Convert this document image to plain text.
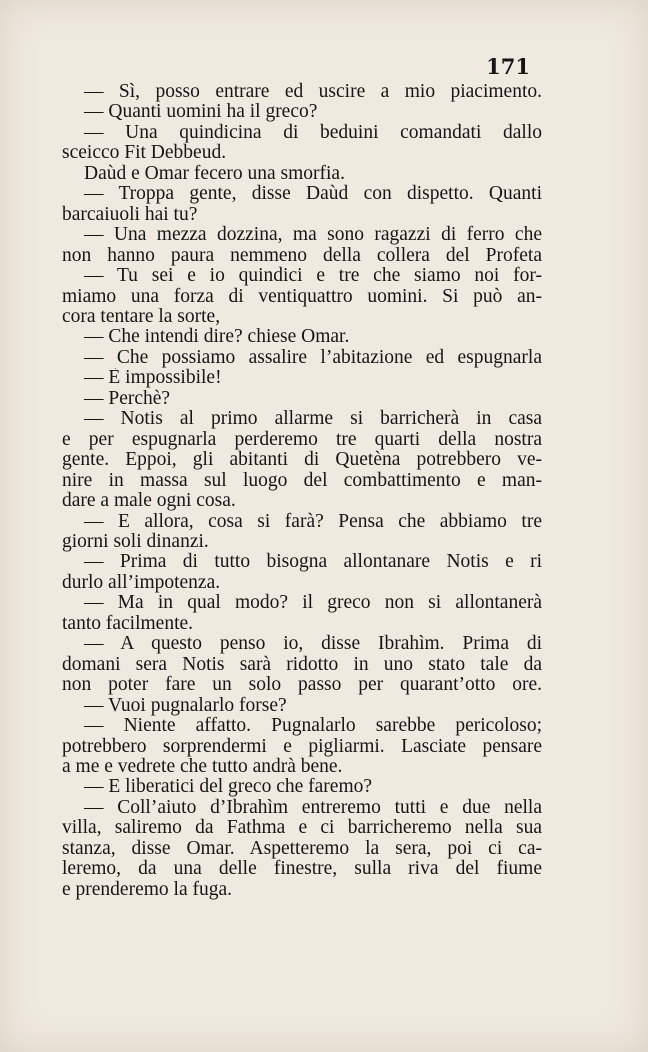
171
— Sì, posso entrare ed uscire a mio piacimento.
— Quanti uomini ha il greco?
— Una quindicina di beduini comandati dallo
sceicco Fit Debbeud.
Daùd e Omar fecero una smorfia.
— Troppa gente, disse Daùd con dispetto. Quanti
barcaiuoli hai tu?
— Una mezza dozzina, ma sono ragazzi di ferro che
non hanno paura nemmeno della collera del Profeta
— Tu sei e io quindici e tre che siamo noi for-
miamo una forza di ventiquattro uomini. Si può an-
cora tentare la sorte,
— Che intendi dire? chiese Omar.
— Che possiamo assalire l’abitazione ed espugnarla
— È impossibile!
— Perchè?
— Notis al primo allarme si barricherà in casa
e per espugnarla perderemo tre quarti della nostra
gente. Eppoi, gli abitanti di Quetèna potrebbero ve-
nire in massa sul luogo del combattimento e man-
dare a male ogni cosa.
— E allora, cosa si farà? Pensa che abbiamo tre
giorni soli dinanzi.
— Prima di tutto bisogna allontanare Notis e ri
durlo all’impotenza.
— Ma in qual modo? il greco non si allontanerà
tanto facilmente.
— A questo penso io, disse Ibrahìm. Prima di
domani sera Notis sarà ridotto in uno stato tale da
non poter fare un solo passo per quarant’otto ore.
— Vuoi pugnalarlo forse?
— Niente affatto. Pugnalarlo sarebbe pericoloso;
potrebbero sorprendermi e pigliarmi. Lasciate pensare
a me e vedrete che tutto andrà bene.
— E liberatici del greco che faremo?
— Coll’aiuto d’Ibrahìm entreremo tutti e due nella
villa, saliremo da Fathma e ci barricheremo nella sua
stanza, disse Omar. Aspetteremo la sera, poi ci ca-
leremo, da una delle finestre, sulla riva del fiume
e prenderemo la fuga.
